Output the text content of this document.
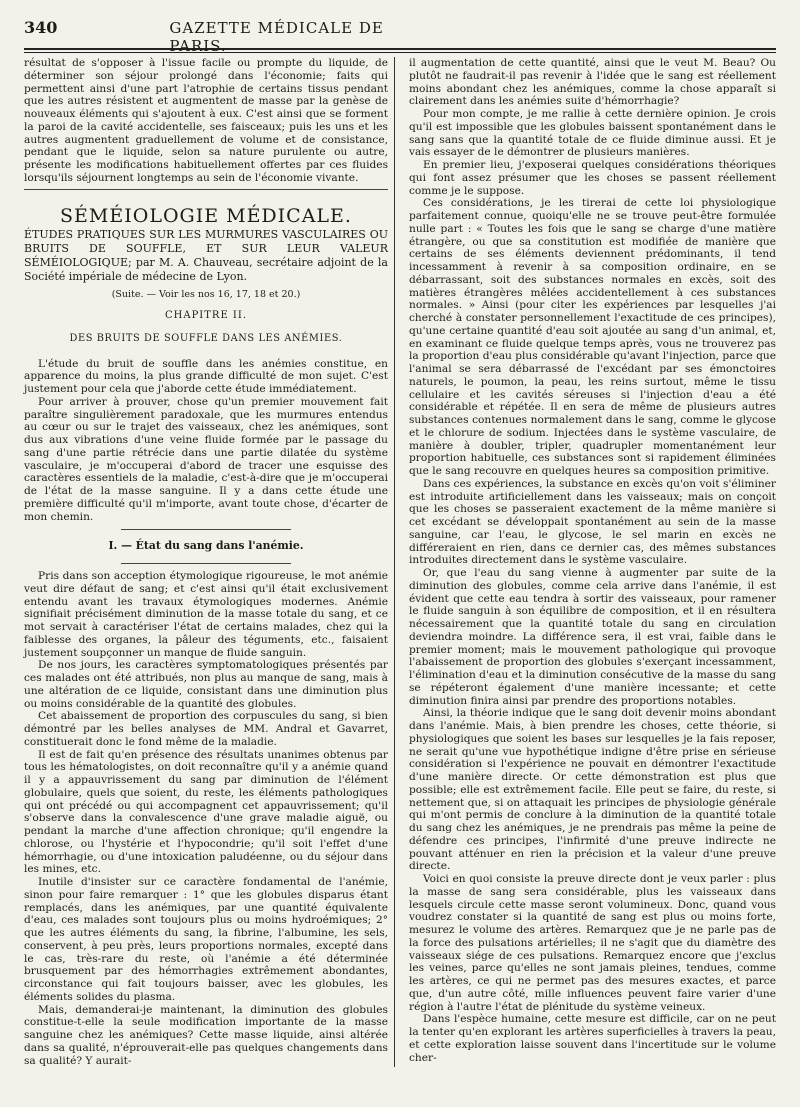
340	GAZETTE MÉDICALE DE PARIS.

résultat de s'opposer à l'issue facile ou prompte du liquide, de déterminer son séjour prolongé dans l'économie; faits qui permettent ainsi d'une part l'atrophie de certains tissus pendant que les autres résistent et augmentent de masse par la genèse de nouveaux éléments qui s'ajoutent à eux. C'est ainsi que se forment la paroi de la cavité accidentelle, ses faisceaux; puis les uns et les autres augmentent graduellement de volume et de consistance, pendant que le liquide, selon sa nature purulente ou autre, présente les modifications habituellement offertes par ces fluides lorsqu'ils séjournent longtemps au sein de l'économie vivante.

SÉMÉIOLOGIE MÉDICALE.

ÉTUDES PRATIQUES SUR LES MURMURES VASCULAIRES OU BRUITS DE SOUFFLE, ET SUR LEUR VALEUR SÉMÉIOLOGIQUE; par M. A. Chauveau, secrétaire adjoint de la Société impériale de médecine de Lyon.

(Suite. — Voir les nos 16, 17, 18 et 20.)

CHAPITRE II.

DES BRUITS DE SOUFFLE DANS LES ANÉMIES.

L'étude du bruit de souffle dans les anémies constitue, en apparence du moins, la plus grande difficulté de mon sujet. C'est justement pour cela que j'aborde cette étude immédiatement.

Pour arriver à prouver, chose qu'un premier mouvement fait paraître singulièrement paradoxale, que les murmures entendus au cœur ou sur le trajet des vaisseaux, chez les anémiques, sont dus aux vibrations d'une veine fluide formée par le passage du sang d'une partie rétrécie dans une partie dilatée du système vasculaire, je m'occuperai d'abord de tracer une esquisse des caractères essentiels de la maladie, c'est-à-dire que je m'occuperai de l'état de la masse sanguine. Il y a dans cette étude une première difficulté qu'il m'importe, avant toute chose, d'écarter de mon chemin.

I. — État du sang dans l'anémie.

Pris dans son acception étymologique rigoureuse, le mot anémie veut dire défaut de sang; et c'est ainsi qu'il était exclusivement entendu avant les travaux étymologiques modernes. Anémie signifiait précisément diminution de la masse totale du sang, et ce mot servait à caractériser l'état de certains malades, chez qui la faiblesse des organes, la pâleur des téguments, etc., faisaient justement soupçonner un manque de fluide sanguin.

De nos jours, les caractères symptomatologiques présentés par ces malades ont été attribués, non plus au manque de sang, mais à une altération de ce liquide, consistant dans une diminution plus ou moins considérable de la quantité des globules.

Cet abaissement de proportion des corpuscules du sang, si bien démontré par les belles analyses de MM. Andral et Gavarret, constituerait donc le fond même de la maladie.

Il est de fait qu'en présence des résultats unanimes obtenus par tous les hématologistes, on doit reconnaître qu'il y a anémie quand il y a appauvrissement du sang par diminution de l'élément globulaire, quels que soient, du reste, les éléments pathologiques qui ont précédé ou qui accompagnent cet appauvrissement; qu'il s'observe dans la convalescence d'une grave maladie aiguë, ou pendant la marche d'une affection chronique; qu'il engendre la chlorose, ou l'hystérie et l'hypocondrie; qu'il soit l'effet d'une hémorrhagie, ou d'une intoxication paludéenne, ou du séjour dans les mines, etc.

Inutile d'insister sur ce caractère fondamental de l'anémie, sinon pour faire remarquer : 1° que les globules disparus étant remplacés, dans les anémiques, par une quantité équivalente d'eau, ces malades sont toujours plus ou moins hydroémiques; 2° que les autres éléments du sang, la fibrine, l'albumine, les sels, conservent, à peu près, leurs proportions normales, excepté dans le cas, très-rare du reste, où l'anémie a été déterminée brusquement par des hémorrhagies extrêmement abondantes, circonstance qui fait toujours baisser, avec les globules, les éléments solides du plasma.

Mais, demanderai-je maintenant, la diminution des globules constitue-t-elle la seule modification importante de la masse sanguine chez les anémiques? Cette masse liquide, ainsi altérée dans sa qualité, n'éprouverait-elle pas quelques changements dans sa qualité? Y aurait-

il augmentation de cette quantité, ainsi que le veut M. Beau? Ou plutôt ne faudrait-il pas revenir à l'idée que le sang est réellement moins abondant chez les anémiques, comme la chose apparaît si clairement dans les anémies suite d'hémorrhagie?

Pour mon compte, je me rallie à cette dernière opinion. Je crois qu'il est impossible que les globules baissent spontanément dans le sang sans que la quantité totale de ce fluide diminue aussi. Et je vais essayer de le démontrer de plusieurs manières.

En premier lieu, j'exposerai quelques considérations théoriques qui font assez présumer que les choses se passent réellement comme je le suppose.

Ces considérations, je les tirerai de cette loi physiologique parfaitement connue, quoiqu'elle ne se trouve peut-être formulée nulle part : « Toutes les fois que le sang se charge d'une matière étrangère, ou que sa constitution est modifiée de manière que certains de ses éléments deviennent prédominants, il tend incessamment à revenir à sa composition ordinaire, en se débarrassant, soit des substances normales en excès, soit des matières étrangères mêlées accidentellement à ces substances normales. » Ainsi (pour citer les expériences par lesquelles j'ai cherché à constater personnellement l'exactitude de ces principes), qu'une certaine quantité d'eau soit ajoutée au sang d'un animal, et, en examinant ce fluide quelque temps après, vous ne trouverez pas la proportion d'eau plus considérable qu'avant l'injection, parce que l'animal se sera débarrassé de l'excédant par ses émonctoires naturels, le poumon, la peau, les reins surtout, même le tissu cellulaire et les cavités séreuses si l'injection d'eau a été considérable et répétée. Il en sera de même de plusieurs autres substances contenues normalement dans le sang, comme le glycose et le chlorure de sodium. Injectées dans le système vasculaire, de manière à doubler, tripler, quadrupler momentanément leur proportion habituelle, ces substances sont si rapidement éliminées que le sang recouvre en quelques heures sa composition primitive.

Dans ces expériences, la substance en excès qu'on voit s'éliminer est introduite artificiellement dans les vaisseaux; mais on conçoit que les choses se passeraient exactement de la même manière si cet excédant se développait spontanément au sein de la masse sanguine, car l'eau, le glycose, le sel marin en excès ne différeraient en rien, dans ce dernier cas, des mêmes substances introduites directement dans le système vasculaire.

Or, que l'eau du sang vienne à augmenter par suite de la diminution des globules, comme cela arrive dans l'anémie, il est évident que cette eau tendra à sortir des vaisseaux, pour ramener le fluide sanguin à son équilibre de composition, et il en résultera nécessairement que la quantité totale du sang en circulation deviendra moindre. La différence sera, il est vrai, faible dans le premier moment; mais le mouvement pathologique qui provoque l'abaissement de proportion des globules s'exerçant incessamment, l'élimination d'eau et la diminution consécutive de la masse du sang se répéteront également d'une manière incessante; et cette diminution finira ainsi par prendre des proportions notables.

Ainsi, la théorie indique que le sang doit devenir moins abondant dans l'anémie. Mais, à bien prendre les choses, cette théorie, si physiologiques que soient les bases sur lesquelles je la fais reposer, ne serait qu'une vue hypothétique indigne d'être prise en sérieuse considération si l'expérience ne pouvait en démontrer l'exactitude d'une manière directe. Or cette démonstration est plus que possible; elle est extrêmement facile. Elle peut se faire, du reste, si nettement que, si on attaquait les principes de physiologie générale qui m'ont permis de conclure à la diminution de la quantité totale du sang chez les anémiques, je ne prendrais pas même la peine de défendre ces principes, l'infirmité d'une preuve indirecte ne pouvant atténuer en rien la précision et la valeur d'une preuve directe.

Voici en quoi consiste la preuve directe dont je veux parler : plus la masse de sang sera considérable, plus les vaisseaux dans lesquels circule cette masse seront volumineux. Donc, quand vous voudrez constater si la quantité de sang est plus ou moins forte, mesurez le volume des artères. Remarquez que je ne parle pas de la force des pulsations artérielles; il ne s'agit que du diamètre des vaisseaux siége de ces pulsations. Remarquez encore que j'exclus les veines, parce qu'elles ne sont jamais pleines, tendues, comme les artères, ce qui ne permet pas des mesures exactes, et parce que, d'un autre côté, mille influences peuvent faire varier d'une région à l'autre l'état de plénitude du système veineux.

Dans l'espèce humaine, cette mesure est difficile, car on ne peut la tenter qu'en explorant les artères superficielles à travers la peau, et cette exploration laisse souvent dans l'incertitude sur le volume cher-
